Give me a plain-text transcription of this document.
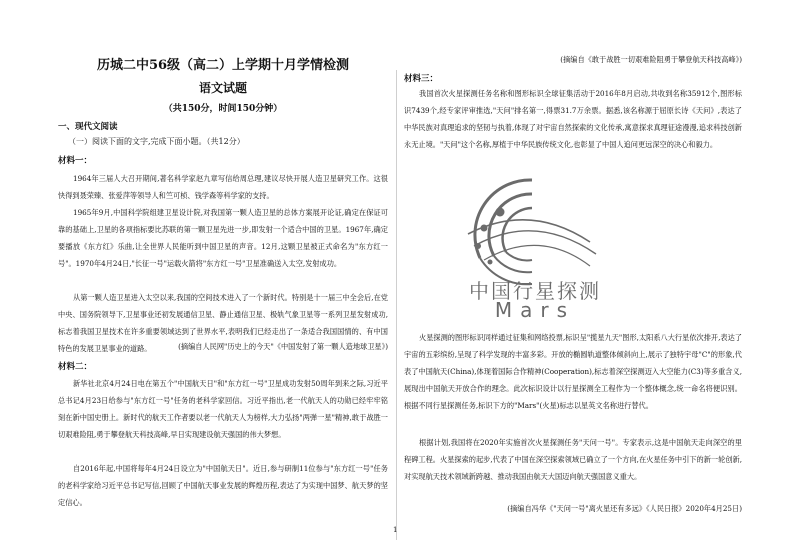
历城二中56级（高二）上学期十月学情检测
语文试题
（共150分，时间150分钟）
一、现代文阅读
（一）阅读下面的文字,完成下面小题。（共12分）
材料一：

1964年三届人大召开期间,著名科学家赵九章写信给周总理,建议尽快开展人造卫星研究工作。这很快得到聂荣臻、张爱萍等领导人和竺可桢、钱学森等科学家的支持。

1965年9月,中国科学院组建卫星设计院,对我国第一颗人造卫星的总体方案展开论证,确定在保证可靠的基础上,卫星的各项指标要比苏联的第一颗卫星先进一步,即发射一个适合中国的卫星。1967年,确定要播放《东方红》乐曲,让全世界人民能听到中国卫星的声音。12月,这颗卫星被正式命名为"东方红一号"。1970年4月24日,"长征一号"运载火箭将"东方红一号"卫星准确送入太空,发射成功。

从第一颗人造卫星进入太空以来,我国的空间技术进入了一个新时代。特别是十一届三中全会后,在党中央、国务院领导下,卫星事业还初发展通信卫星、静止通信卫星、极轨气象卫星等一系列卫星发射成功,标志着我国卫星技术在许多重要领域达到了世界水平,表明我们已经走出了一条适合我国国情的、有中国特色的发展卫星事业的道路。	(摘编自人民网"历史上的今天"《中国发射了第一颗人造地球卫星》)
材料二：

新华社北京4月24日电在第五个"中国航天日"和"东方红一号"卫星成功发射50周年到来之际,习近平总书记4月23日给参与"东方红一号"任务的老科学家回信。习近平指出,老一代航天人的功勋已经牢牢铭刻在新中国史册上。新时代的航天工作者要以老一代航天人为榜样,大力弘扬"两弹一星"精神,敢于战胜一切艰难险阻,勇于攀登航天科技高峰,早日实现建设航天强国的伟大梦想。

自2016年起,中国将每年4月24日设立为"中国航天日"。近日,参与研制11位参与"东方红一号"任务的老科学家给习近平总书记写信,回顾了中国航天事业发展的辉煌历程,表达了为实现中国梦、航天梦的坚定信心。

(摘编自《敢于战胜一切艰难险阻勇于攀登航天科技高峰》)
材料三：

我国首次火星探测任务名称和图形标识全球征集活动于2016年8月启动,共收到名称35912个,图形标识7439个,经专家评审推选,"天问"排名第一,得票31.7万余票。据悉,该名称源于屈原长诗《天问》,表达了中华民族对真理追求的坚韧与执着,体现了对宇宙自然探索的文化传承,寓意探求真理征途漫漫,追求科技创新永无止境。"天问"这个名称,厚植于中华民族传统文化,也彰显了中国人追问更远深空的决心和毅力。

中国行星探测
Mars

火星探测的图形标识同样通过征集和网络投票,标识呈"揽星九天"图形,太阳系八大行星依次排开,表达了宇宙的五彩缤纷,呈现了科学发现的丰富多彩。开放的椭圆轨道整体倾斜向上,展示了独特宇母"C"的形象,代表了中国航天(China),体现着国际合作精神(Cooperation),标志着深空探测迈入大空能力(C3)等多重含义,展现出中国航天开放合作的理念。此次标识设计以行星探测全工程作为一个整体概念,统一命名将便识别。根据不同行星探测任务,标识下方的"Mars"(火星)标志以星英文名称进行替代。

根据计划,我国将在2020年实施首次火星探测任务"天问一号"。专家表示,这是中国航天走向深空的里程碑工程。火星探索的起步,代表了中国在深空探索领域已确立了一个方向,在火星任务中引下的新一轮创新,对实现航天技术领域新跨越、推动我国由航天大国迈向航天强国意义重大。

(摘编自冯华《"天问一号"离火星还有多远》《人民日报》2020年4月25日)
1
